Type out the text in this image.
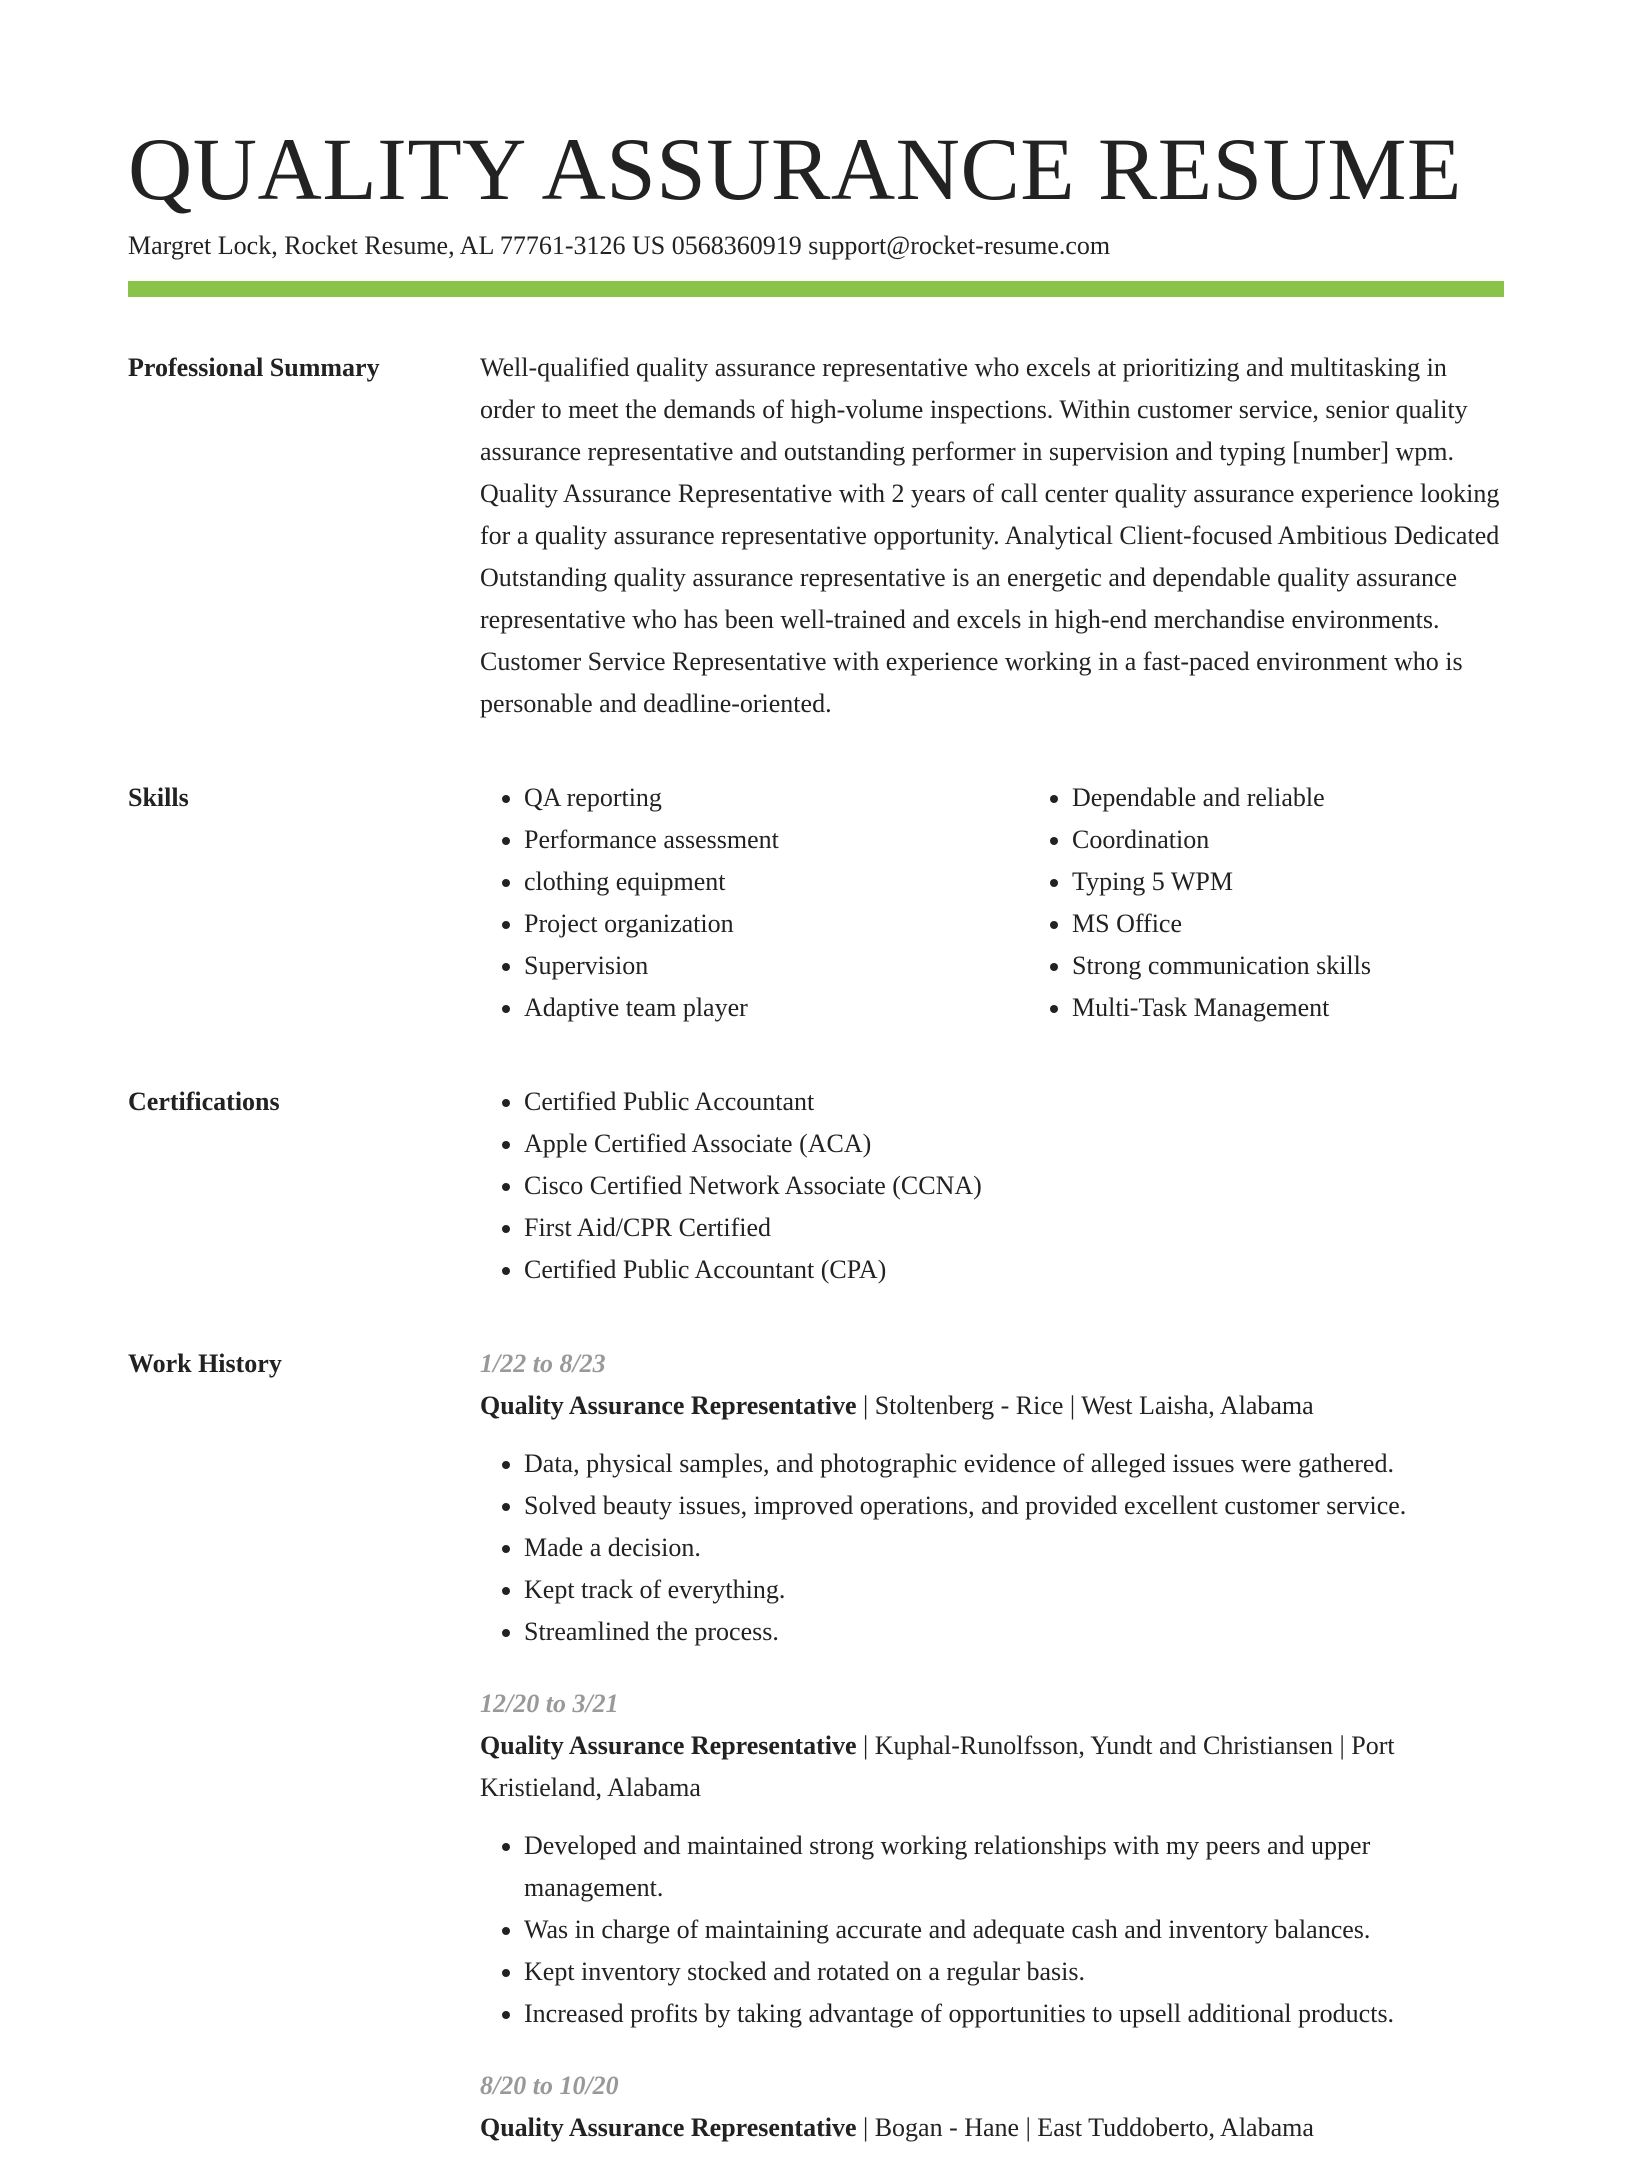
QUALITY ASSURANCE RESUME
Margret Lock, Rocket Resume, AL 77761-3126 US 0568360919 support@rocket-resume.com
Professional Summary	Well-qualified quality assurance representative who excels at prioritizing and multitasking in order to meet the demands of high-volume inspections. Within customer service, senior quality assurance representative and outstanding performer in supervision and typing [number] wpm. Quality Assurance Representative with 2 years of call center quality assurance experience looking for a quality assurance representative opportunity. Analytical Client-focused Ambitious Dedicated Outstanding quality assurance representative is an energetic and dependable quality assurance representative who has been well-trained and excels in high-end merchandise environments. Customer Service Representative with experience working in a fast-paced environment who is personable and deadline-oriented.

Skills	• QA reporting
• Performance assessment
• clothing equipment
• Project organization
• Supervision
• Adaptive team player
• Dependable and reliable
• Coordination
• Typing 5 WPM
• MS Office
• Strong communication skills
• Multi-Task Management
Certifications	• Certified Public Accountant
• Apple Certified Associate (ACA)
• Cisco Certified Network Associate (CCNA)
• First Aid/CPR Certified
• Certified Public Accountant (CPA)
Work History	1/22 to 8/23
Quality Assurance Representative | Stoltenberg - Rice | West Laisha, Alabama
• Data, physical samples, and photographic evidence of alleged issues were gathered.
• Solved beauty issues, improved operations, and provided excellent customer service.
• Made a decision.
• Kept track of everything.
• Streamlined the process.
12/20 to 3/21
Quality Assurance Representative | Kuphal-Runolfsson, Yundt and Christiansen | Port Kristieland, Alabama
• Developed and maintained strong working relationships with my peers and upper management.
• Was in charge of maintaining accurate and adequate cash and inventory balances.
• Kept inventory stocked and rotated on a regular basis.
• Increased profits by taking advantage of opportunities to upsell additional products.
8/20 to 10/20
Quality Assurance Representative | Bogan - Hane | East Tuddoberto, Alabama
